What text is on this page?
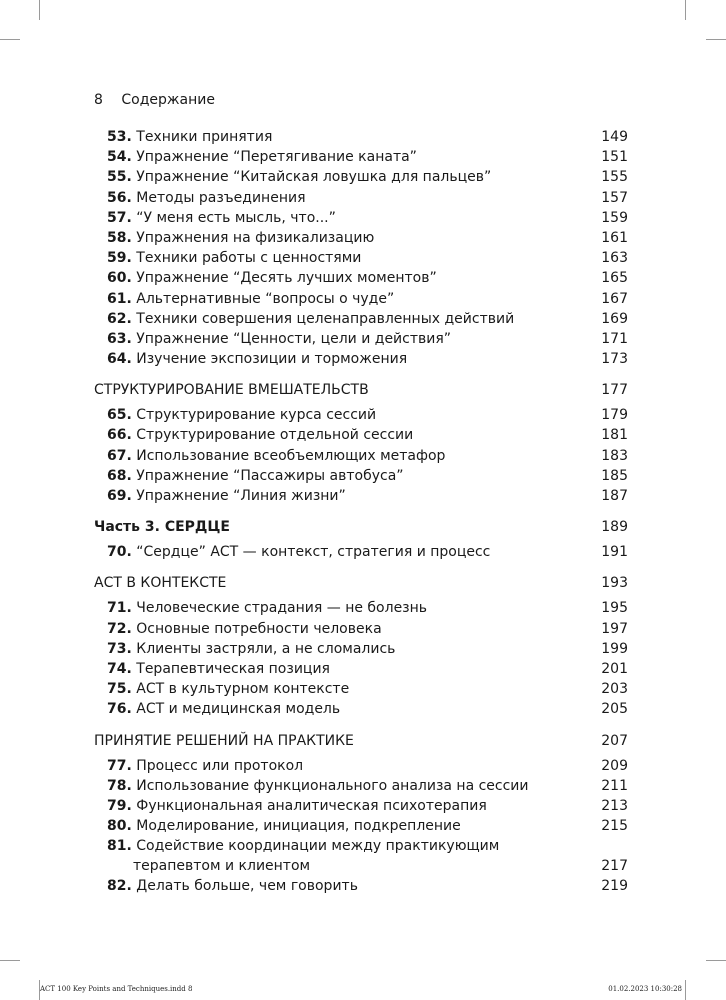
8 Содержание
53. Техники принятия	149
54. Упражнение “Перетягивание каната”	151
55. Упражнение “Китайская ловушка для пальцев”	155
56. Методы разъединения	157
57. “У меня есть мысль, что...”	159
58. Упражнения на физикализацию	161
59. Техники работы с ценностями	163
60. Упражнение “Десять лучших моментов”	165
61. Альтернативные “вопросы о чуде”	167
62. Техники совершения целенаправленных действий	169
63. Упражнение “Ценности, цели и действия”	171
64. Изучение экспозиции и торможения	173
СТРУКТУРИРОВАНИЕ ВМЕШАТЕЛЬСТВ	177
65. Структурирование курса сессий	179
66. Структурирование отдельной сессии	181
67. Использование всеобъемлющих метафор	183
68. Упражнение “Пассажиры автобуса”	185
69. Упражнение “Линия жизни”	187
Часть 3. СЕРДЦЕ	189
70. “Сердце” АСТ — контекст, стратегия и процесс	191
АСТ В КОНТЕКСТЕ	193
71. Человеческие страдания — не болезнь	195
72. Основные потребности человека	197
73. Клиенты застряли, а не сломались	199
74. Терапевтическая позиция	201
75. АСТ в культурном контексте	203
76. АСТ и медицинская модель	205
ПРИНЯТИЕ РЕШЕНИЙ НА ПРАКТИКЕ	207
77. Процесс или протокол	209
78. Использование функционального анализа на сессии	211
79. Функциональная аналитическая психотерапия	213
80. Моделирование, инициация, подкрепление	215
81. Содействие координации между практикующим терапевтом и клиентом	217
82. Делать больше, чем говорить	219
ACT 100 Key Points and Techniques.indd 8	01.02.2023 10:30:28
